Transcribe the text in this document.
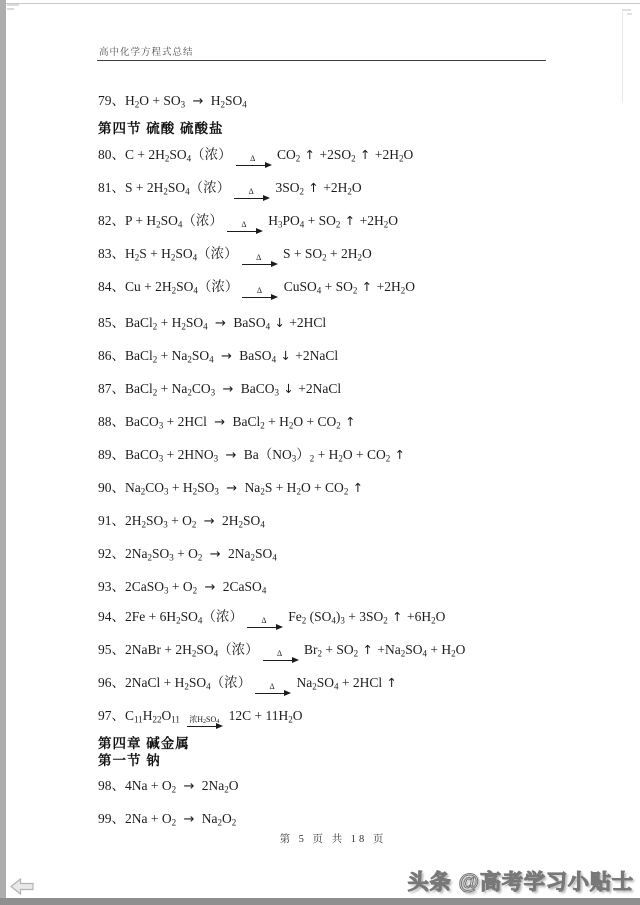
高中化学方程式总结
79、$H_2O + SO_3 \to H_2SO_4$
第四节 硫酸 硫酸盐
80、$C + 2H_2SO_4$（浓） Δ $CO_2$ ↑ $+2SO_2$ ↑ $+2H_2O$
81、$S + 2H_2SO_4$（浓） Δ $3SO_2$ ↑ $+2H_2O$
82、$P + H_2SO_4$（浓） Δ $H_3PO_4 + SO_2$ ↑ $+2H_2O$
83、$H_2S + H_2SO_4$（浓） Δ $S + SO_2 + 2H_2O$
84、$Cu + 2H_2SO_4$（浓） Δ CuSO$_4$ + $SO_2$ ↑ $+2H_2O$
85、BaCl$_2$ + $H_2SO_4$ → BaSO$_4$ ↓ +2HCl
86、BaCl$_2$ + $Na_2SO_4$ → BaSO$_4$ ↓ +2NaCl
87、BaCl$_2$ + $Na_2CO_3$ → BaCO$_3$ ↓ +2NaCl
88、BaCO$_3$ + 2HCl → BaCl$_2$ + $H_2O + CO_2$ ↑
89、BaCO$_3$ + $2HNO_3 \to Ba(NO_3)_2 + H_2O + CO_2$ ↑
90、$Na_2CO_3 + H_2SO_3 \to Na_2S + H_2O + CO_2$ ↑
91、$2H_2SO_3 + O_2 \to 2H_2SO_4$
92、$2Na_2SO_3 + O_2 \to 2Na_2SO_4$
93、2CaSO$_3$ + $O_2$ → 2CaSO$_4$
94、$2Fe + 6H_2SO_4$（浓） Δ $Fe_2$ $(SO_4)_3 + 3SO_2$ ↑ $+6H_2O$
95、2NaBr + $2H_2SO_4$（浓） Δ $Br_2 + SO_2$ ↑ $+Na_2SO_4 + H_2O$
96、2NaCl + $H_2SO_4$（浓） Δ $Na_2SO_4 + 2HCl$ ↑
97、$C_{11}H_{22}O_{11}$ 浓$H_2SO_4$ $12C + 11H_2O$
第四章 碱金属
第一节 钠
98、$4Na + O_2 \to 2Na_2O$
99、$2Na + O_2 \to Na_2O_2$
第 5 页 共 18 页
头条 @高考学习小贴士
